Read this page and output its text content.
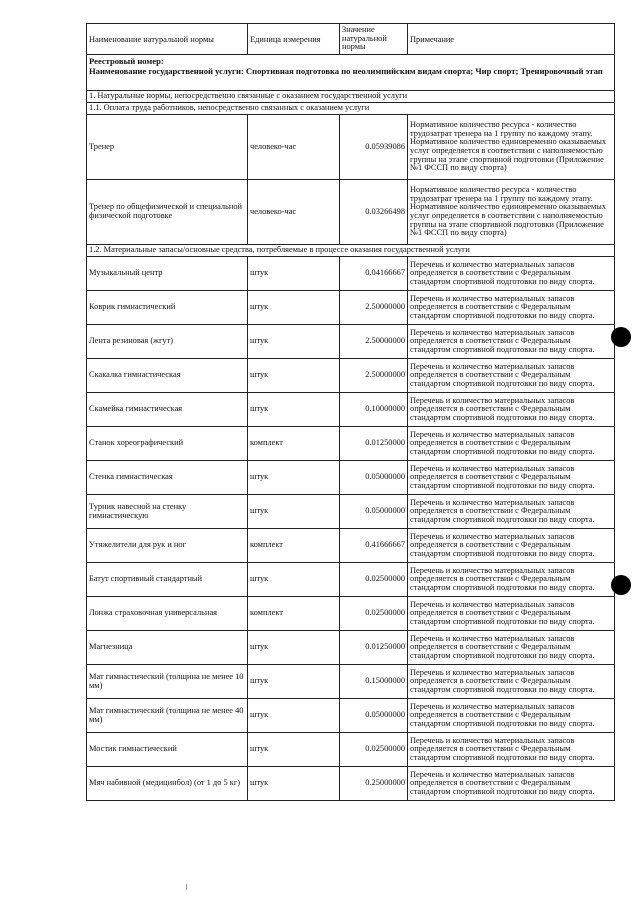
Наименование натуральной нормы	Единица измерения	Значение натуральной нормы	Примечание

Реестровый номер:
Наименование государственной услуги: Спортивная подготовка по неолимпийским видам спорта; Чир спорт; Тренировочный этап			

1. Натуральные нормы, непосредственно связанные с оказанием государственной услуги			
1.1. Оплата труда работников, непосредственно связанных с оказанием услуги			
Тренер	человеко-час	0.05939086	Нормативное количество ресурса - количество трудозатрат тренера на 1 группу по каждому этапу. Нормативное количество единовременно оказываемых услуг определяется в соответствии с наполняемостью группы на этапе спортивной подготовки (Приложение №1 ФССП по виду спорта)
Тренер по общефизической и специальной физической подготовке	человеко-час	0.03266498	Нормативное количество ресурса - количество трудозатрат тренера на 1 группу по каждому этапу. Нормативное количество единовременно оказываемых услуг определяется в соответствии с наполняемостью группы на этапе спортивной подготовки (Приложение №1 ФССП по виду спорта)
1.2. Материальные запасы/основные средства, потребляемые в процессе оказания государственной услуги			
Музыкальный центр	штук	0.04166667	Перечень и количество материальных запасов определяется в соответствии с Федеральным стандартом спортивной подготовки по виду спорта.
Коврик гимнастический	штук	2.50000000	Перечень и количество материальных запасов определяется в соответствии с Федеральным стандартом спортивной подготовки по виду спорта.
Лента резиновая (жгут)	штук	2.50000000	Перечень и количество материальных запасов определяется в соответствии с Федеральным стандартом спортивной подготовки по виду спорта.
Скакалка гимнастическая	штук	2.50000000	Перечень и количество материальных запасов определяется в соответствии с Федеральным стандартом спортивной подготовки по виду спорта.
Скамейка гимнастическая	штук	0.10000000	Перечень и количество материальных запасов определяется в соответствии с Федеральным стандартом спортивной подготовки по виду спорта.
Станок хореографический	комплект	0.01250000	Перечень и количество материальных запасов определяется в соответствии с Федеральным стандартом спортивной подготовки по виду спорта.
Стенка гимнастическая	штук	0.05000000	Перечень и количество материальных запасов определяется в соответствии с Федеральным стандартом спортивной подготовки по виду спорта.
Турник навесной на стенку гимнастическую	штук	0.05000000	Перечень и количество материальных запасов определяется в соответствии с Федеральным стандартом спортивной подготовки по виду спорта.
Утяжелители для рук и ног	комплект	0.41666667	Перечень и количество материальных запасов определяется в соответствии с Федеральным стандартом спортивной подготовки по виду спорта.
Батут спортивный стандартный	штук	0.02500000	Перечень и количество материальных запасов определяется в соответствии с Федеральным стандартом спортивной подготовки по виду спорта.
Лонжа страховочная универсальная	комплект	0.02500000	Перечень и количество материальных запасов определяется в соответствии с Федеральным стандартом спортивной подготовки по виду спорта.
Магнезница	штук	0.01250000	Перечень и количество материальных запасов определяется в соответствии с Федеральным стандартом спортивной подготовки по виду спорта.
Мат гимнастический (толщина не менее 10 мм)	штук	0.15000000	Перечень и количество материальных запасов определяется в соответствии с Федеральным стандартом спортивной подготовки по виду спорта.
Мат гимнастический (толщина не менее 40 мм)	штук	0.05000000	Перечень и количество материальных запасов определяется в соответствии с Федеральным стандартом спортивной подготовки по виду спорта.
Мостик гимнастический	штук	0.02500000	Перечень и количество материальных запасов определяется в соответствии с Федеральным стандартом спортивной подготовки по виду спорта.
Мяч набивной (медицинбол) (от 1 до 5 кг)	штук	0.25000000	Перечень и количество материальных запасов определяется в соответствии с Федеральным стандартом спортивной подготовки по виду спорта.
